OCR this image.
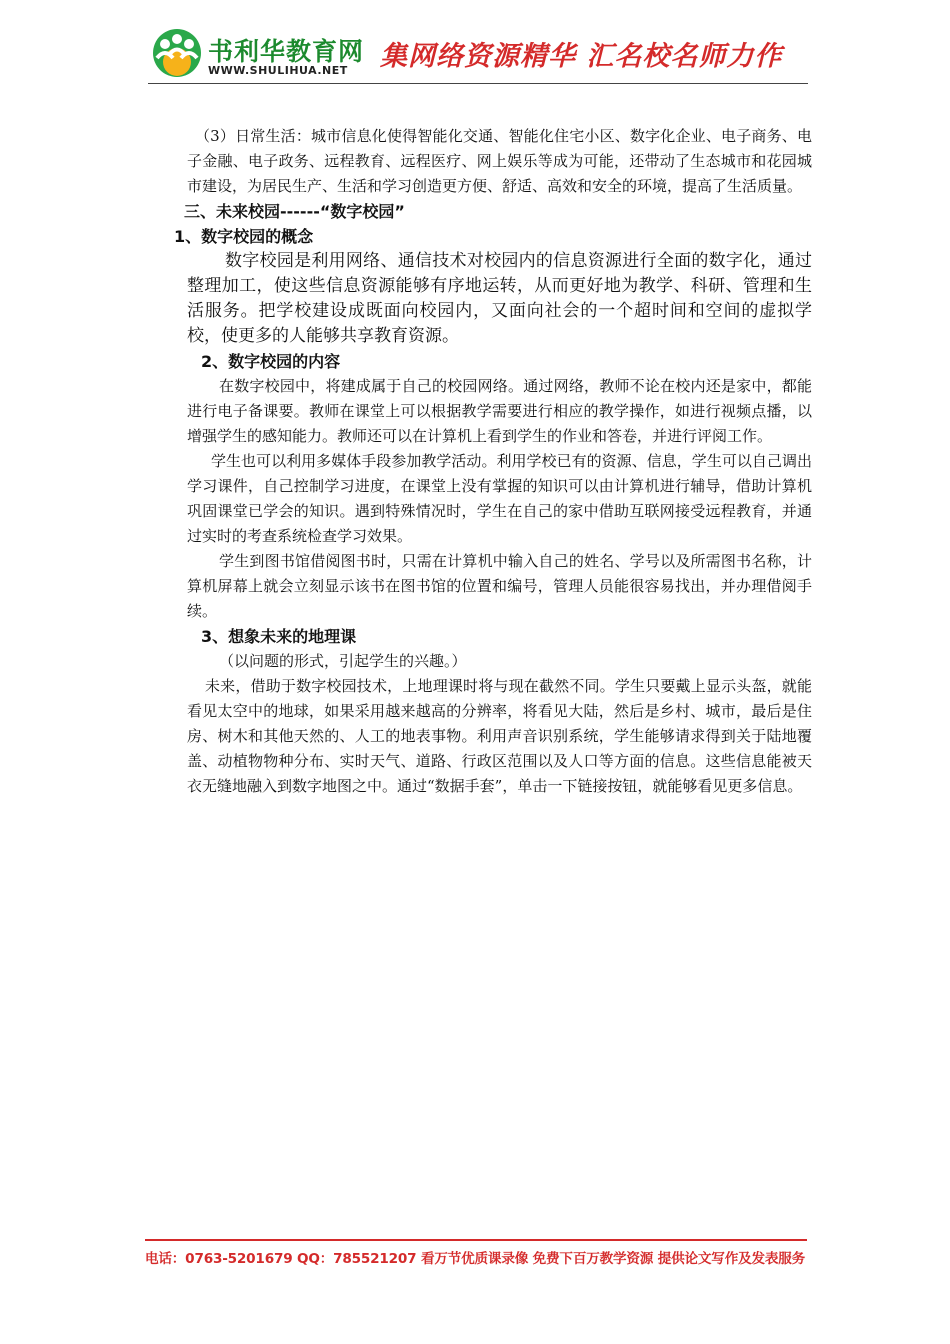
书利华教育网
WWW.SHULIHUA.NET 集网络资源精华 汇名校名师力作

（3）日常生活：城市信息化使得智能化交通、智能化住宅小区、数字化企业、电子商务、电子金融、电子政务、远程教育、远程医疗、网上娱乐等成为可能，还带动了生态城市和花园城市建设，为居民生产、生活和学习创造更方便、舒适、高效和安全的环境，提高了生活质量。

三、未来校园------“数字校园”

1、数字校园的概念

数字校园是利用网络、通信技术对校园内的信息资源进行全面的数字化，通过整理加工，使这些信息资源能够有序地运转，从而更好地为教学、科研、管理和生活服务。把学校建设成既面向校园内，又面向社会的一个超时间和空间的虚拟学校，使更多的人能够共享教育资源。

2、数字校园的内容

在数字校园中，将建成属于自己的校园网络。通过网络，教师不论在校内还是家中，都能进行电子备课要。教师在课堂上可以根据教学需要进行相应的教学操作，如进行视频点播，以增强学生的感知能力。教师还可以在计算机上看到学生的作业和答卷，并进行评阅工作。

学生也可以利用多媒体手段参加教学活动。利用学校已有的资源、信息，学生可以自己调出学习课件，自己控制学习进度，在课堂上没有掌握的知识可以由计算机进行辅导，借助计算机巩固课堂已学会的知识。遇到特殊情况时，学生在自己的家中借助互联网接受远程教育，并通过实时的考查系统检查学习效果。

学生到图书馆借阅图书时，只需在计算机中输入自己的姓名、学号以及所需图书名称，计算机屏幕上就会立刻显示该书在图书馆的位置和编号，管理人员能很容易找出，并办理借阅手续。

3、想象未来的地理课

（以问题的形式，引起学生的兴趣。）

未来，借助于数字校园技术，上地理课时将与现在截然不同。学生只要戴上显示头盔，就能看见太空中的地球，如果采用越来越高的分辨率，将看见大陆，然后是乡村、城市，最后是住房、树木和其他天然的、人工的地表事物。利用声音识别系统，学生能够请求得到关于陆地覆盖、动植物物种分布、实时天气、道路、行政区范围以及人口等方面的信息。这些信息能被天衣无缝地融入到数字地图之中。通过“数据手套”，单击一下链接按钮，就能够看见更多信息。

电话：0763-5201679 QQ：785521207 看万节优质课录像 免费下百万教学资源 提供论文写作及发表服务
